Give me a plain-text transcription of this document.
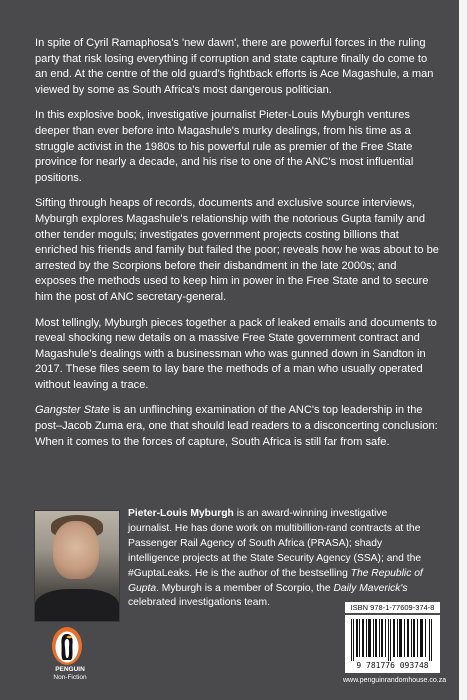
In spite of Cyril Ramaphosa's 'new dawn', there are powerful forces in the ruling party that risk losing everything if corruption and state capture finally do come to an end. At the centre of the old guard's fightback efforts is Ace Magashule, a man viewed by some as South Africa's most dangerous politician.

In this explosive book, investigative journalist Pieter-Louis Myburgh ventures deeper than ever before into Magashule's murky dealings, from his time as a struggle activist in the 1980s to his powerful rule as premier of the Free State province for nearly a decade, and his rise to one of the ANC's most influential positions.

Sifting through heaps of records, documents and exclusive source interviews, Myburgh explores Magashule's relationship with the notorious Gupta family and other tender moguls; investigates government projects costing billions that enriched his friends and family but failed the poor; reveals how he was about to be arrested by the Scorpions before their disbandment in the late 2000s; and exposes the methods used to keep him in power in the Free State and to secure him the post of ANC secretary-general.

Most tellingly, Myburgh pieces together a pack of leaked emails and documents to reveal shocking new details on a massive Free State government contract and Magashule's dealings with a businessman who was gunned down in Sandton in 2017. These files seem to lay bare the methods of a man who usually operated without leaving a trace.

Gangster State is an unflinching examination of the ANC's top leadership in the post–Jacob Zuma era, one that should lead readers to a disconcerting conclusion: When it comes to the forces of capture, South Africa is still far from safe.

Pieter-Louis Myburgh is an award-winning investigative journalist. He has done work on multibillion-rand contracts at the Passenger Rail Agency of South Africa (PRASA); shady intelligence projects at the State Security Agency (SSA); and the #GuptaLeaks. He is the author of the bestselling The Republic of Gupta. Myburgh is a member of Scorpio, the Daily Maverick's celebrated investigations team.
PENGUIN
Non-Fiction
ISBN 978-1-77609-374-8
9 781776 093748
www.penguinrandomhouse.co.za
